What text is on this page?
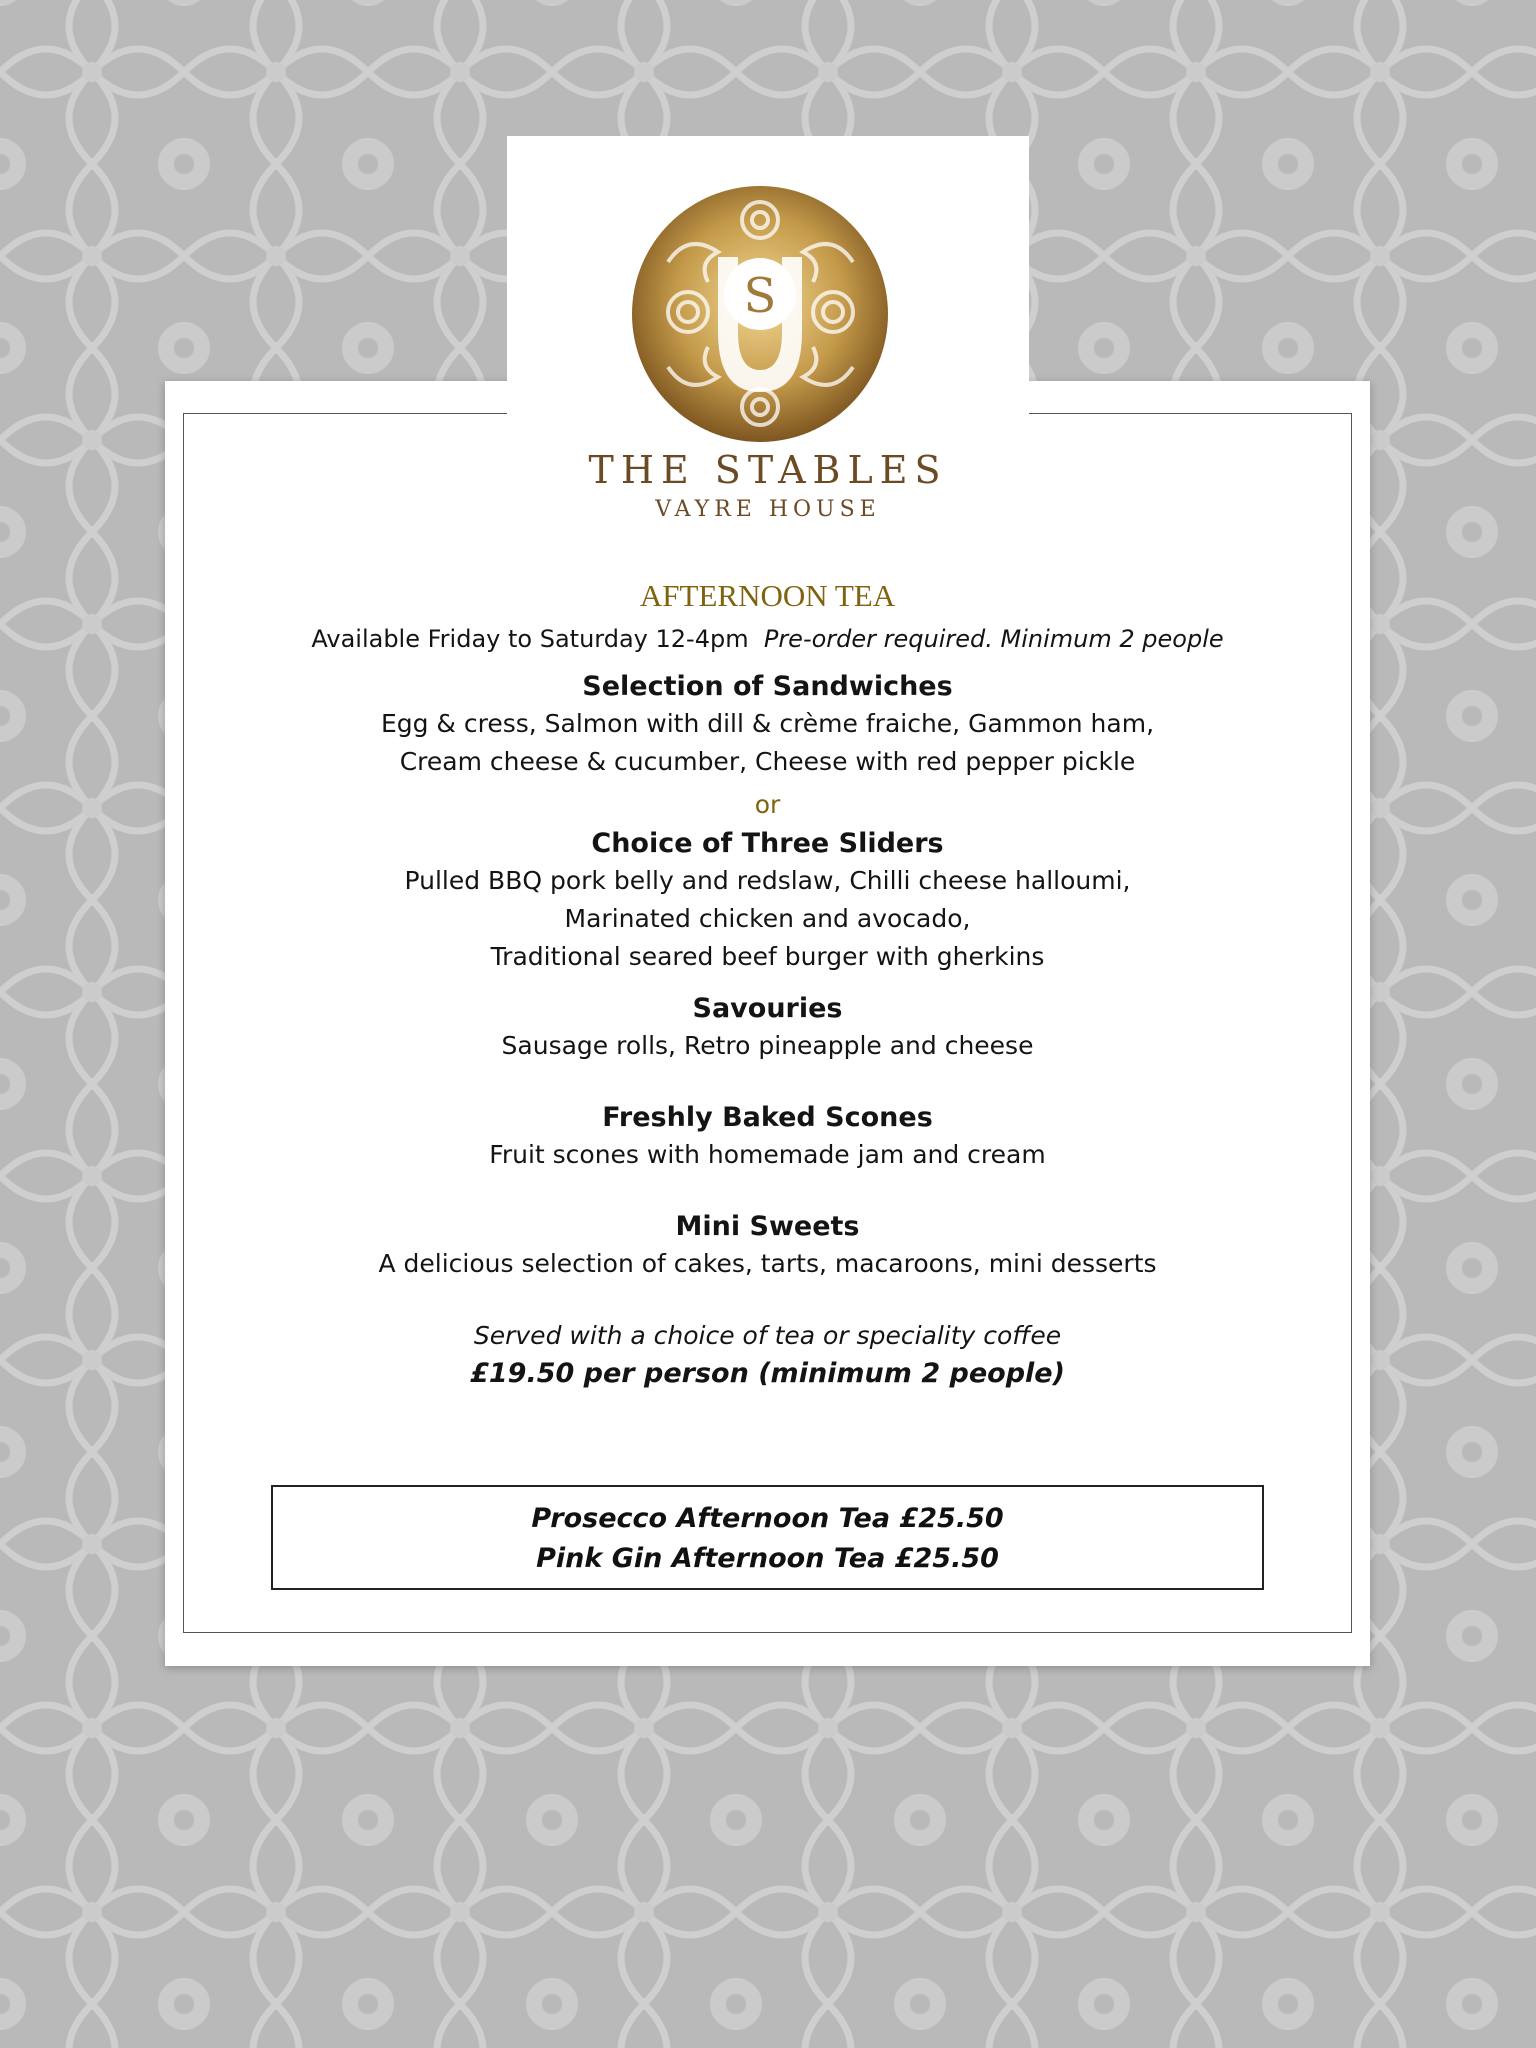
S
THE STABLES
VAYRE HOUSE

AFTERNOON TEA

Available Friday to Saturday 12-4pm Pre-order required. Minimum 2 people

Selection of Sandwiches

Egg & cress, Salmon with dill & crème fraiche, Gammon ham,

Cream cheese & cucumber, Cheese with red pepper pickle

or

Choice of Three Sliders

Pulled BBQ pork belly and redslaw, Chilli cheese halloumi,

Marinated chicken and avocado,

Traditional seared beef burger with gherkins

Savouries

Sausage rolls, Retro pineapple and cheese

Freshly Baked Scones

Fruit scones with homemade jam and cream

Mini Sweets

A delicious selection of cakes, tarts, macaroons, mini desserts

Served with a choice of tea or speciality coffee

£19.50 per person (minimum 2 people)

Prosecco Afternoon Tea £25.50
Pink Gin Afternoon Tea £25.50
